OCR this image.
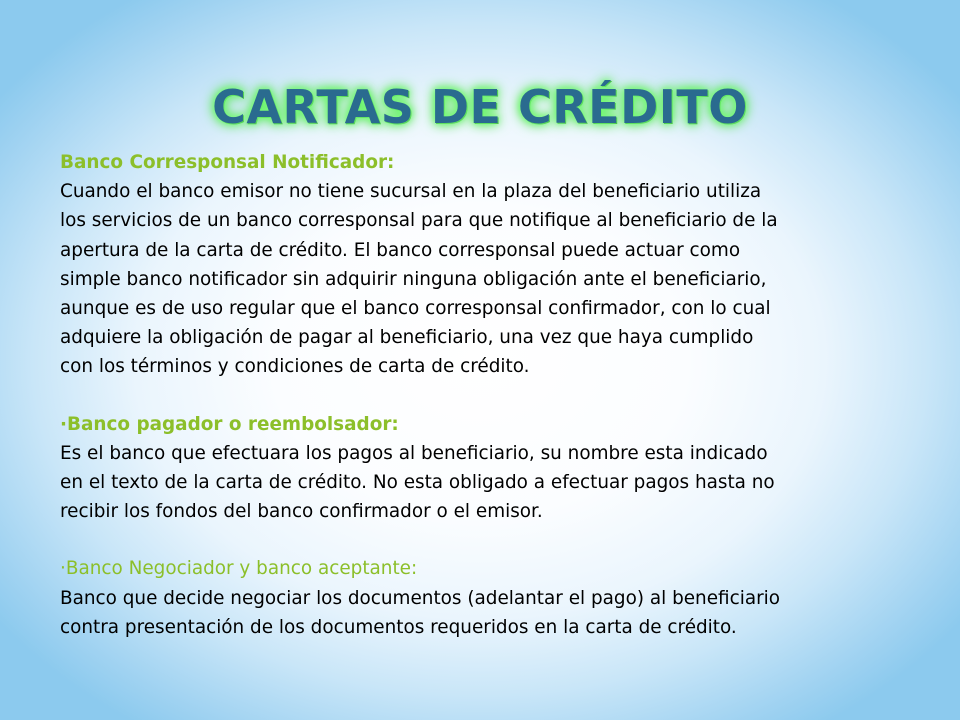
CARTAS DE CRÉDITO
Banco Corresponsal Notificador:
Cuando el banco emisor no tiene sucursal en la plaza del beneficiario utiliza
los servicios de un banco corresponsal para que notifique al beneficiario de la
apertura de la carta de crédito. El banco corresponsal puede actuar como
simple banco notificador sin adquirir ninguna obligación ante el beneficiario,
aunque es de uso regular que el banco corresponsal confirmador, con lo cual
adquiere la obligación de pagar al beneficiario, una vez que haya cumplido
con los términos y condiciones de carta de crédito.
·Banco pagador o reembolsador:
Es el banco que efectuara los pagos al beneficiario, su nombre esta indicado
en el texto de la carta de crédito. No esta obligado a efectuar pagos hasta no
recibir los fondos del banco confirmador o el emisor.
·Banco Negociador y banco aceptante:
Banco que decide negociar los documentos (adelantar el pago) al beneficiario
contra presentación de los documentos requeridos en la carta de crédito.
